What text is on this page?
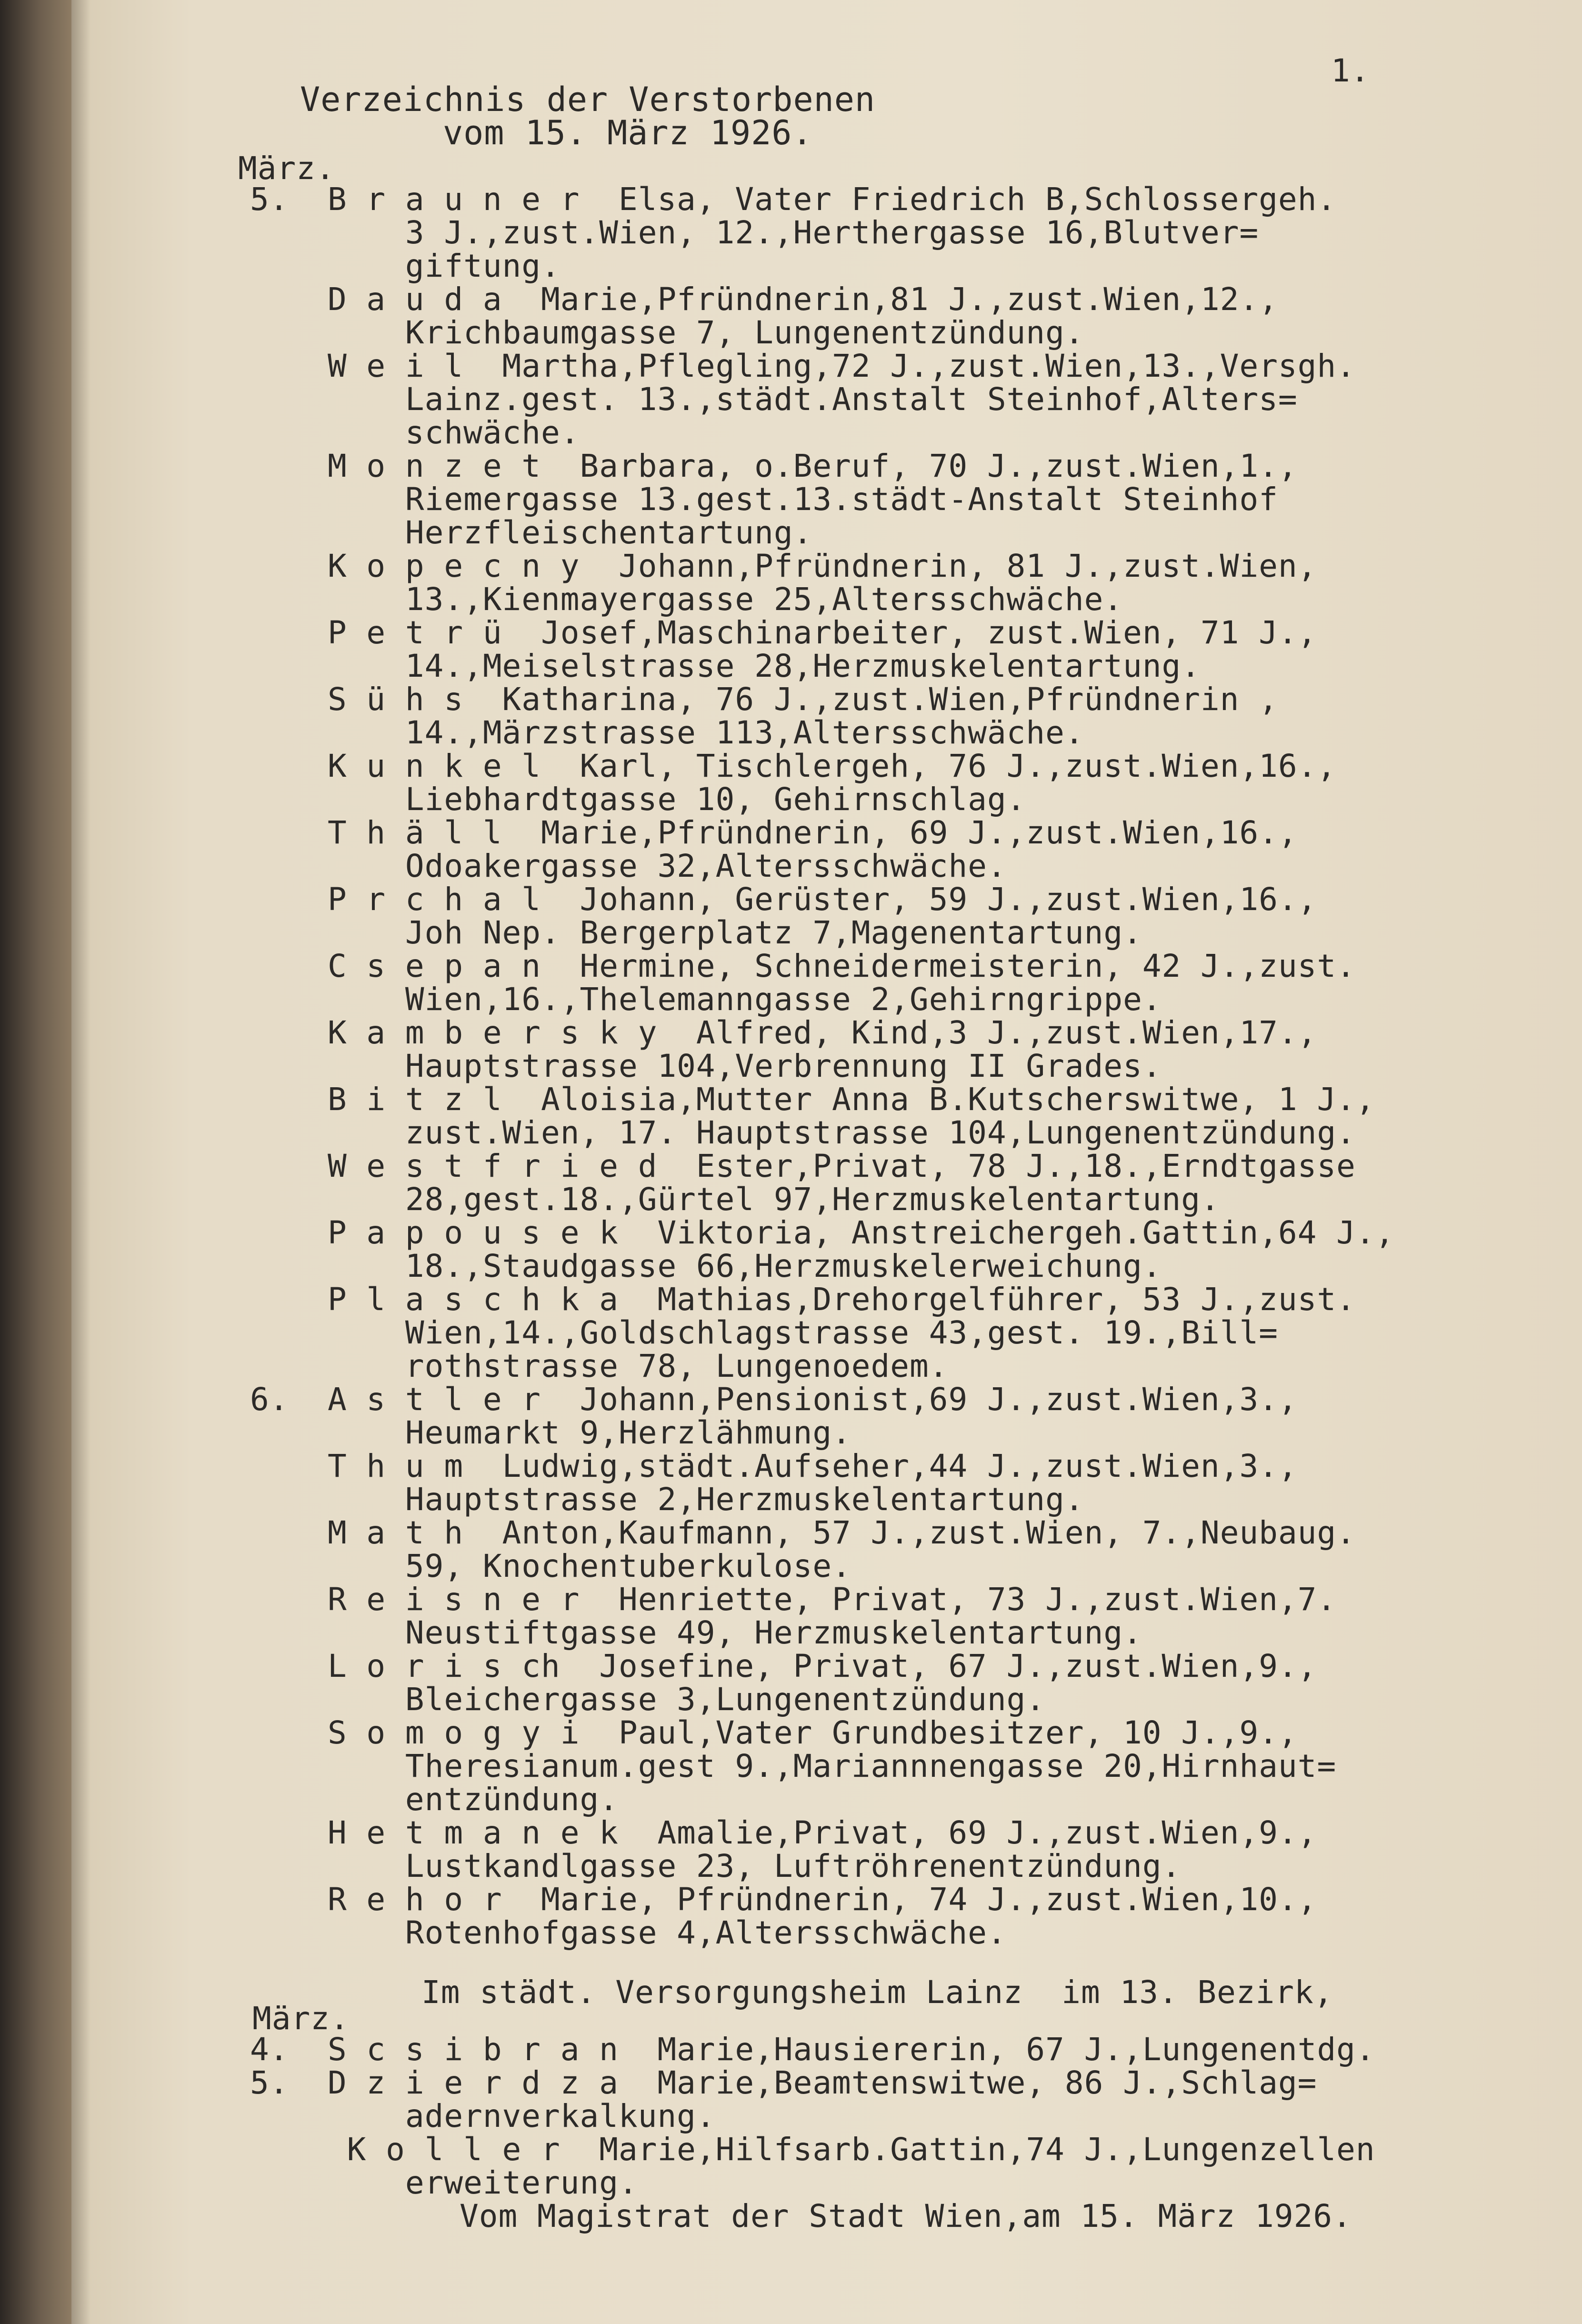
1.
Verzeichnis der Verstorbenen
vom 15. März 1926.
März.
5.  B r a u n e r  Elsa, Vater Friedrich B,Schlossergeh.
3 J.,zust.Wien, 12.,Herthergasse 16,Blutver=
giftung.
D a u d a  Marie,Pfründnerin,81 J.,zust.Wien,12.,
Krichbaumgasse 7, Lungenentzündung.
W e i l  Martha,Pflegling,72 J.,zust.Wien,13.,Versgh.
Lainz.gest. 13.,städt.Anstalt Steinhof,Alters=
schwäche.
M o n z e t  Barbara, o.Beruf, 70 J.,zust.Wien,1.,
Riemergasse 13.gest.13.städt-Anstalt Steinhof
Herzfleischentartung.
K o p e c n y  Johann,Pfründnerin, 81 J.,zust.Wien,
13.,Kienmayergasse 25,Altersschwäche.
P e t r ü  Josef,Maschinarbeiter, zust.Wien, 71 J.,
14.,Meiselstrasse 28,Herzmuskelentartung.
S ü h s  Katharina, 76 J.,zust.Wien,Pfründnerin ,
14.,Märzstrasse 113,Altersschwäche.
K u n k e l  Karl, Tischlergeh, 76 J.,zust.Wien,16.,
Liebhardtgasse 10, Gehirnschlag.
T h ä l l  Marie,Pfründnerin, 69 J.,zust.Wien,16.,
Odoakergasse 32,Altersschwäche.
P r c h a l  Johann, Gerüster, 59 J.,zust.Wien,16.,
Joh Nep. Bergerplatz 7,Magenentartung.
C s e p a n  Hermine, Schneidermeisterin, 42 J.,zust.
Wien,16.,Thelemanngasse 2,Gehirngrippe.
K a m b e r s k y  Alfred, Kind,3 J.,zust.Wien,17.,
Hauptstrasse 104,Verbrennung II Grades.
B i t z l  Aloisia,Mutter Anna B.Kutscherswitwe, 1 J.,
zust.Wien, 17. Hauptstrasse 104,Lungenentzündung.
W e s t f r i e d  Ester,Privat, 78 J.,18.,Erndtgasse
28,gest.18.,Gürtel 97,Herzmuskelentartung.
P a p o u s e k  Viktoria, Anstreichergeh.Gattin,64 J.,
18.,Staudgasse 66,Herzmuskelerweichung.
P l a s c h k a  Mathias,Drehorgelführer, 53 J.,zust.
Wien,14.,Goldschlagstrasse 43,gest. 19.,Bill=
rothstrasse 78, Lungenoedem.
6.  A s t l e r  Johann,Pensionist,69 J.,zust.Wien,3.,
Heumarkt 9,Herzlähmung.
T h u m  Ludwig,städt.Aufseher,44 J.,zust.Wien,3.,
Hauptstrasse 2,Herzmuskelentartung.
M a t h  Anton,Kaufmann, 57 J.,zust.Wien, 7.,Neubaug.
59, Knochentuberkulose.
R e i s n e r  Henriette, Privat, 73 J.,zust.Wien,7.
Neustiftgasse 49, Herzmuskelentartung.
L o r i s ch  Josefine, Privat, 67 J.,zust.Wien,9.,
Bleichergasse 3,Lungenentzündung.
S o m o g y i  Paul,Vater Grundbesitzer, 10 J.,9.,
Theresianum.gest 9.,Mariannnengasse 20,Hirnhaut=
entzündung.
H e t m a n e k  Amalie,Privat, 69 J.,zust.Wien,9.,
Lustkandlgasse 23, Luftröhrenentzündung.
R e h o r  Marie, Pfründnerin, 74 J.,zust.Wien,10.,
Rotenhofgasse 4,Altersschwäche.
Im städt. Versorgungsheim Lainz  im 13. Bezirk,
März.
4.  S c s i b r a n  Marie,Hausiererin, 67 J.,Lungenentdg.
5.  D z i e r d z a  Marie,Beamtenswitwe, 86 J.,Schlag=
adernverkalkung.
K o l l e r  Marie,Hilfsarb.Gattin,74 J.,Lungenzellen
erweiterung.
Vom Magistrat der Stadt Wien,am 15. März 1926.
